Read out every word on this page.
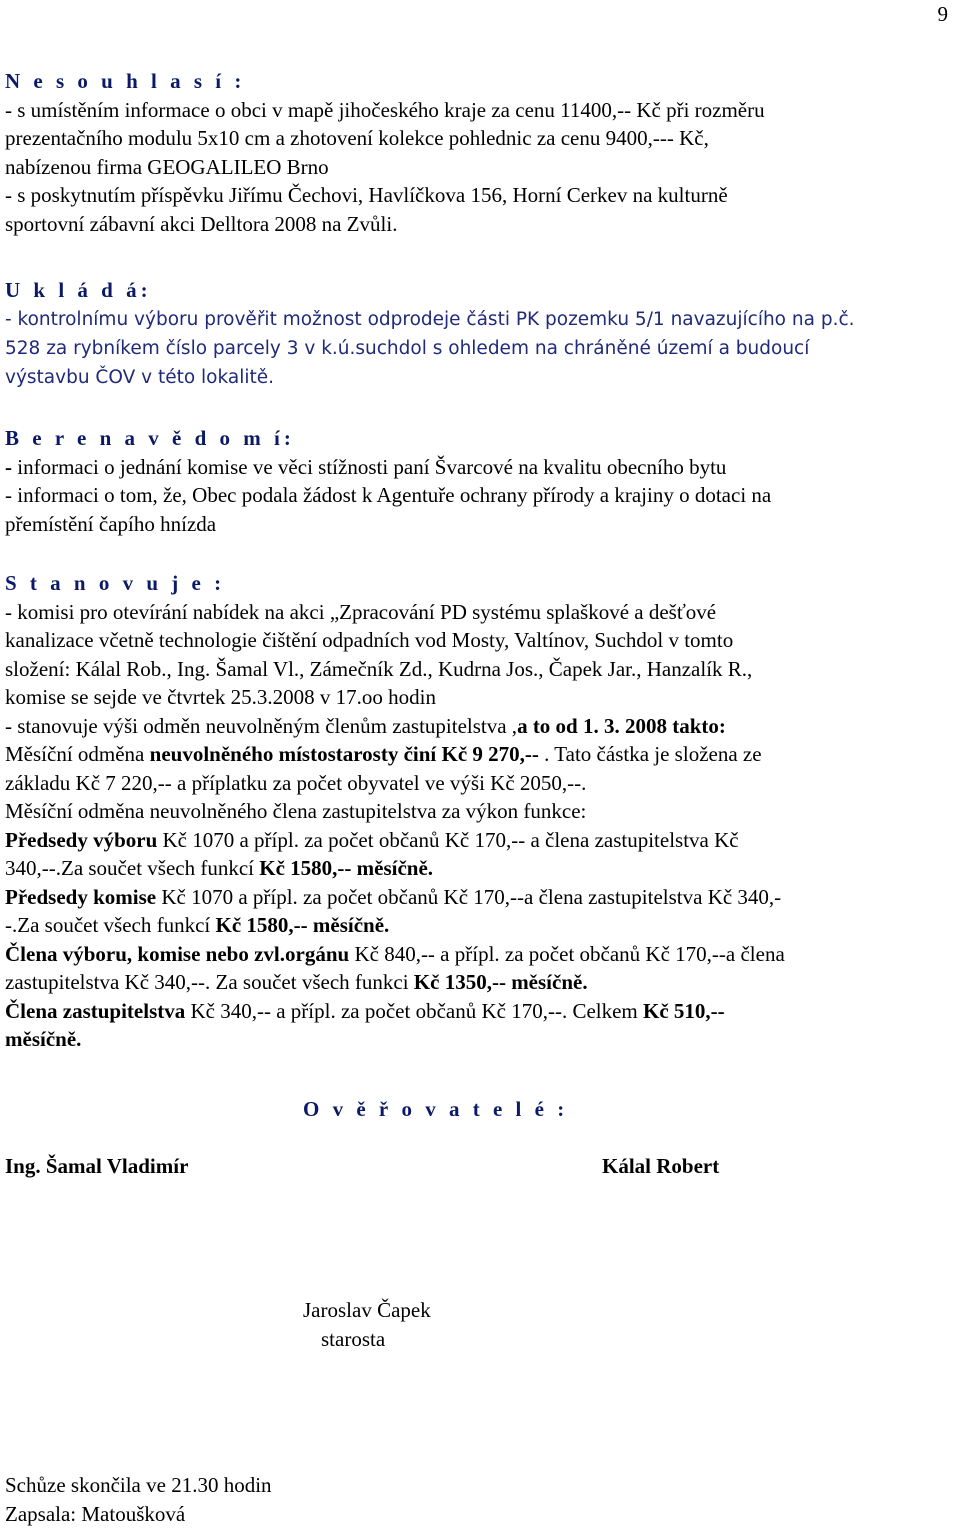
9
N e s o u h l a s í :
- s umístěním informace o obci v mapě jihočeského kraje za cenu 11400,-- Kč při rozměru
prezentačního modulu 5x10 cm a zhotovení kolekce pohlednic za cenu 9400,--- Kč,
nabízenou firma GEOGALILEO Brno
- s poskytnutím příspěvku Jiřímu Čechovi, Havlíčkova 156, Horní Cerkev na kulturně
sportovní zábavní akci Delltora 2008 na Zvůli.
U k l á d á:
- kontrolnímu výboru prověřit možnost odprodeje části PK pozemku 5/1 navazujícího na p.č.
528 za rybníkem číslo parcely 3 v k.ú.suchdol s ohledem na chráněné území a budoucí
výstavbu ČOV v této lokalitě.
B e r e n a v ě d o m í:
- informaci o jednání komise ve věci stížnosti paní Švarcové na kvalitu obecního bytu
- informaci o tom, že, Obec podala žádost k Agentuře ochrany přírody a krajiny o dotaci na
přemístění čapího hnízda
S t a n o v u j e :
- komisi pro otevírání nabídek na akci „Zpracování PD systému splaškové a dešťové
kanalizace včetně technologie čištění odpadních vod Mosty, Valtínov, Suchdol v tomto
složení: Kálal Rob., Ing. Šamal Vl., Zámečník Zd., Kudrna Jos., Čapek Jar., Hanzalík R.,
komise se sejde ve čtvrtek 25.3.2008 v 17.oo hodin
- stanovuje výši odměn neuvolněným členům zastupitelstva ,a to od 1. 3. 2008 takto:
Měsíční odměna neuvolněného místostarosty činí Kč 9 270,-- . Tato částka je složena ze
základu Kč 7 220,-- a příplatku za počet obyvatel ve výši Kč 2050,--.
Měsíční odměna neuvolněného člena zastupitelstva za výkon funkce:
Předsedy výboru Kč 1070 a přípl. za počet občanů Kč 170,-- a člena zastupitelstva Kč
340,--.Za součet všech funkcí Kč 1580,-- měsíčně.
Předsedy komise Kč 1070 a přípl. za počet občanů Kč 170,--a člena zastupitelstva Kč 340,-
-.Za součet všech funkcí Kč 1580,-- měsíčně.
Člena výboru, komise nebo zvl.orgánu Kč 840,-- a přípl. za počet občanů Kč 170,--a člena
zastupitelstva Kč 340,--. Za součet všech funkci Kč 1350,-- měsíčně.
Člena zastupitelstva Kč 340,-- a přípl. za počet občanů Kč 170,--. Celkem Kč 510,--
měsíčně.
O v ě ř o v a t e l é :
Ing. Šamal Vladimír	Kálal Robert
Jaroslav Čapek
starosta
Schůze skončila ve 21.30 hodin
Zapsala: Matoušková
